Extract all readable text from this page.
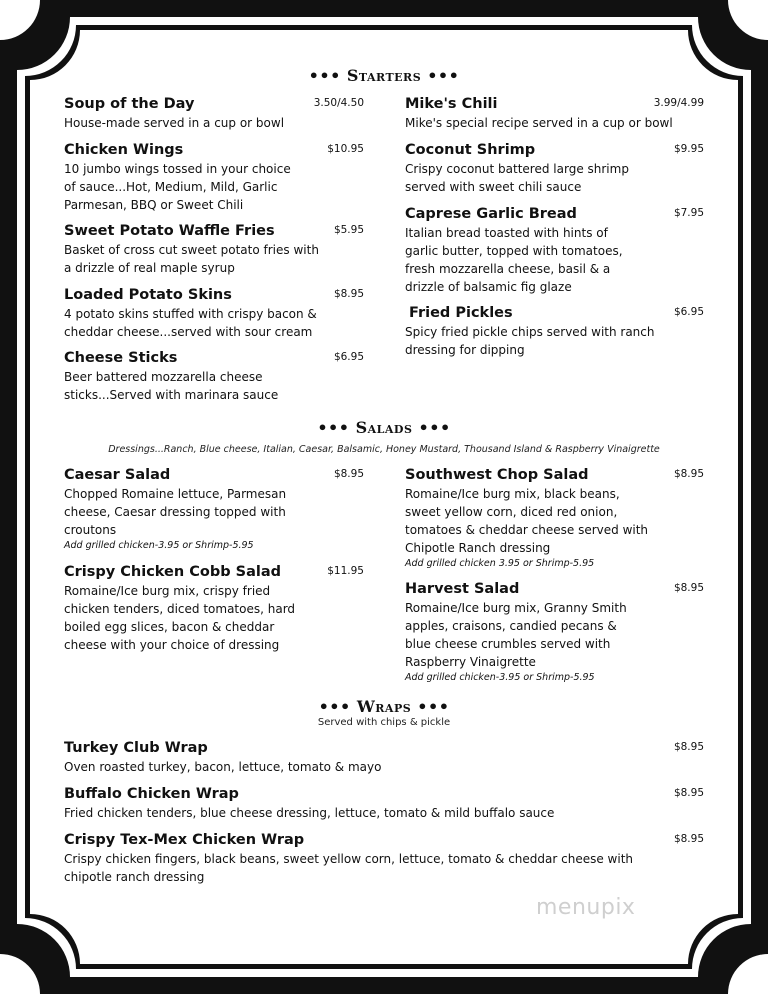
••• Starters •••
Soup of the Day	3.50/4.50
House-made served in a cup or bowl
Chicken Wings	$10.95
10 jumbo wings tossed in your choice of sauce...Hot, Medium, Mild, Garlic Parmesan, BBQ or Sweet Chili
Sweet Potato Waffle Fries	$5.95
Basket of cross cut sweet potato fries with a drizzle of real maple syrup
Loaded Potato Skins	$8.95
4 potato skins stuffed with crispy bacon & cheddar cheese...served with sour cream
Cheese Sticks	$6.95
Beer battered mozzarella cheese sticks...Served with marinara sauce
Mike's Chili	3.99/4.99
Mike's special recipe served in a cup or bowl
Coconut Shrimp	$9.95
Crispy coconut battered large shrimp served with sweet chili sauce
Caprese Garlic Bread	$7.95
Italian bread toasted with hints of garlic butter, topped with tomatoes, fresh mozzarella cheese, basil & a drizzle of balsamic fig glaze
Fried Pickles	$6.95
Spicy fried pickle chips served with ranch dressing for dipping
••• Salads •••
Dressings...Ranch, Blue cheese, Italian, Caesar, Balsamic, Honey Mustard, Thousand Island & Raspberry Vinaigrette
Caesar Salad	$8.95
Chopped Romaine lettuce, Parmesan cheese, Caesar dressing topped with croutons
Add grilled chicken-3.95 or Shrimp-5.95
Crispy Chicken Cobb Salad	$11.95
Romaine/Ice burg mix, crispy fried chicken tenders, diced tomatoes, hard boiled egg slices, bacon & cheddar cheese with your choice of dressing
Southwest Chop Salad	$8.95
Romaine/Ice burg mix, black beans, sweet yellow corn, diced red onion, tomatoes & cheddar cheese served with Chipotle Ranch dressing
Add grilled chicken 3.95 or Shrimp-5.95
Harvest Salad	$8.95
Romaine/Ice burg mix, Granny Smith apples, craisons, candied pecans & blue cheese crumbles served with Raspberry Vinaigrette
Add grilled chicken-3.95 or Shrimp-5.95
••• Wraps •••
Served with chips & pickle
Turkey Club Wrap	$8.95
Oven roasted turkey, bacon, lettuce, tomato & mayo
Buffalo Chicken Wrap	$8.95
Fried chicken tenders, blue cheese dressing, lettuce, tomato & mild buffalo sauce
Crispy Tex-Mex Chicken Wrap	$8.95
Crispy chicken fingers, black beans, sweet yellow corn, lettuce, tomato & cheddar cheese with chipotle ranch dressing
menupix
